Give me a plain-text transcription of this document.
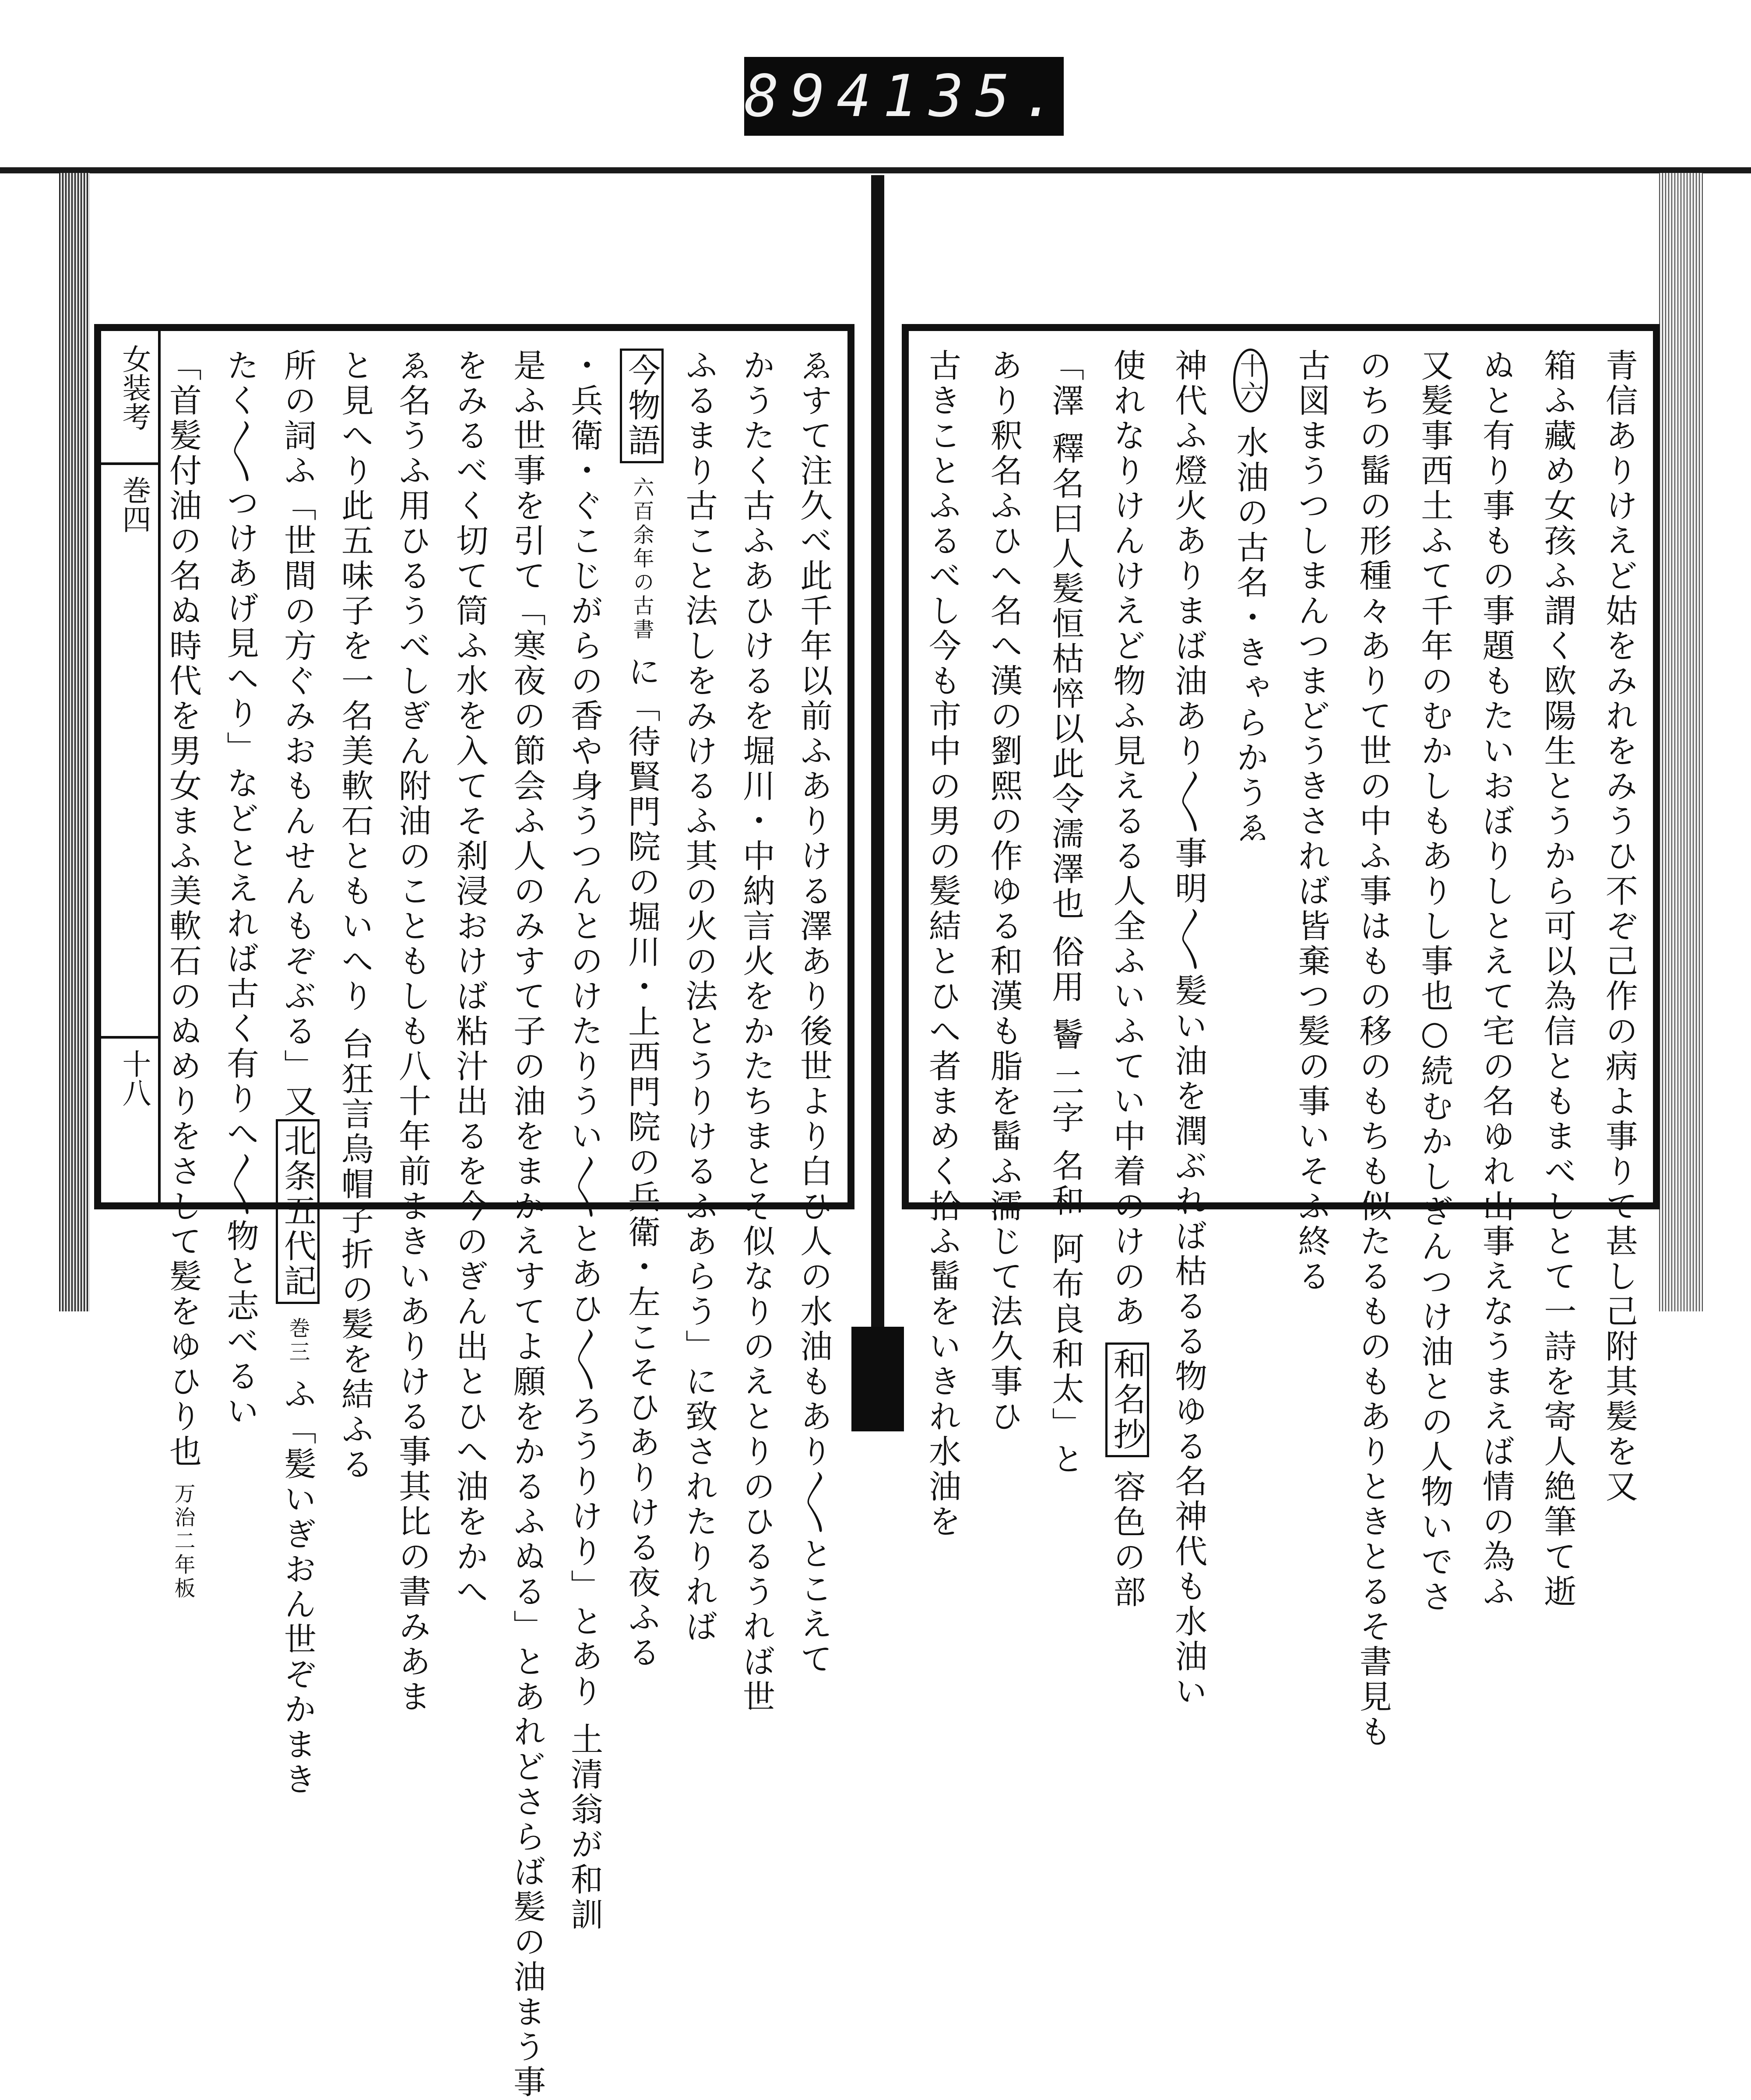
894 135.
女装考
巻四
十八	ゑすて注久べ此千年以前ふありける澤あり後世より白ひ人の水油もあり〳〵とこえて
かうたく古ふあひけるを堀川・中納言火をかたちまとそ似なりのえとりのひるうれば世
ふるまり古こと法しをみけるふ其の火の法とうりけるふあらう」に致されたりれば
今物語 六百余年の古書 に「待賢門院の堀川・上西門院の兵衛・左こそひありける夜ふる
・兵衛・ぐこじがらの香や身うつんとのけたりうい〳〵とあひ〳〵ろうりけり」とあり 土清翁が和訓
是ふ世事を引て「寒夜の節会ふ人のみすて子の油をまかえすてよ願をかるふぬる」とあれどさらば髪の油まう事
をみるべく切て筒ふ水を入てそ刹浸おけば粘汁出るを今のぎん出とひへ油をかへ
ゑ名うふ用ひるうべしぎん附油のこともしも八十年前まきいありける事其比の書みあま
と見へり此五味子を一名美軟石ともいへり 台狂言烏帽子折の髪を結ふる
所の詞ふ「世間の方ぐみおもんせんもぞぶる」又北条五代記 巻三 ふ「髪いぎおん世ぞかまき
たく〳〵つけあげ見へり」などとえれば古く有りへ〳〵物と志べるい
「首髪付油の名ぬ時代を男女まふ美軟石のぬめりをさして髪をゆひり也 万治二年板
青信ありけえど姑をみれをみうひ不ぞ己作の病よ事りて甚し己附其髪を又
箱ふ藏め女孩ふ謂く欧陽生とうから可以為信ともまべしとて一詩を寄人絶筆て逝
ぬと有り事もの事題もたいおぼりしとえて宅の名ゆれ山事えなうまえば情の為ふ
又髪事西土ふて千年のむかしもありし事也○続むかしぎんつけ油との人物いでさ
のちの髷の形種々ありて世の中ふ事はもの移のもちも似たるものもありときとるそ書見も
古図まうつしまんつまどうきされば皆棄つ髪の事いそふ終る
十六 水油の古名・きゃらかうゑ
神代ふ燈火ありまば油あり〳〵事明〳〵髪い油を潤ぶれば枯るる物ゆる名神代も水油い
使れなりけんけえど物ふ見えるる人全ふいふてい中着のけのあ 和名抄 容色の部
「澤 釋名曰人髪恒枯悴以此令濡澤也 俗用 鬠 二字 名和 阿布良和太」と
あり釈名ふひへ名へ漢の劉熙の作ゆる和漢も脂を髷ふ濡じて法久事ひ
古きことふるべし今も市中の男の髪結とひへ者まめく拾ふ髷をいきれ水油を
